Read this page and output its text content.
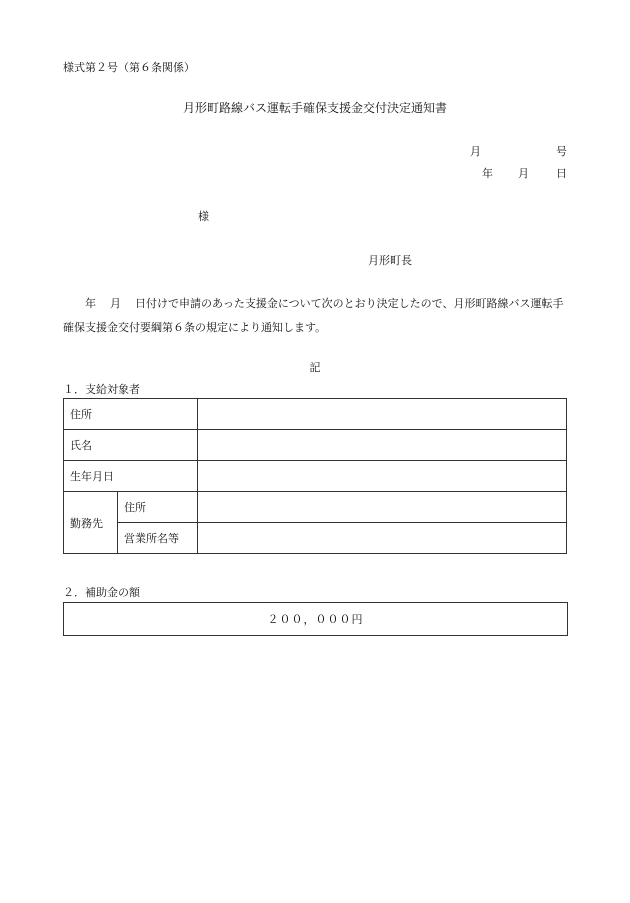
様式第２号（第６条関係）
月形町路線バス運転手確保支援金交付決定通知書
月	号
年 月 日
様
月形町長
年 月 日付けで申請のあった支援金について次のとおり決定したので、月形町路線バス運転手確保支援金交付要綱第６条の規定により通知します。
記
１．支給対象者
住所		
氏名		
生年月日		
勤務先	住所	
	営業所名等	
２．補助金の額
２００，０００円
